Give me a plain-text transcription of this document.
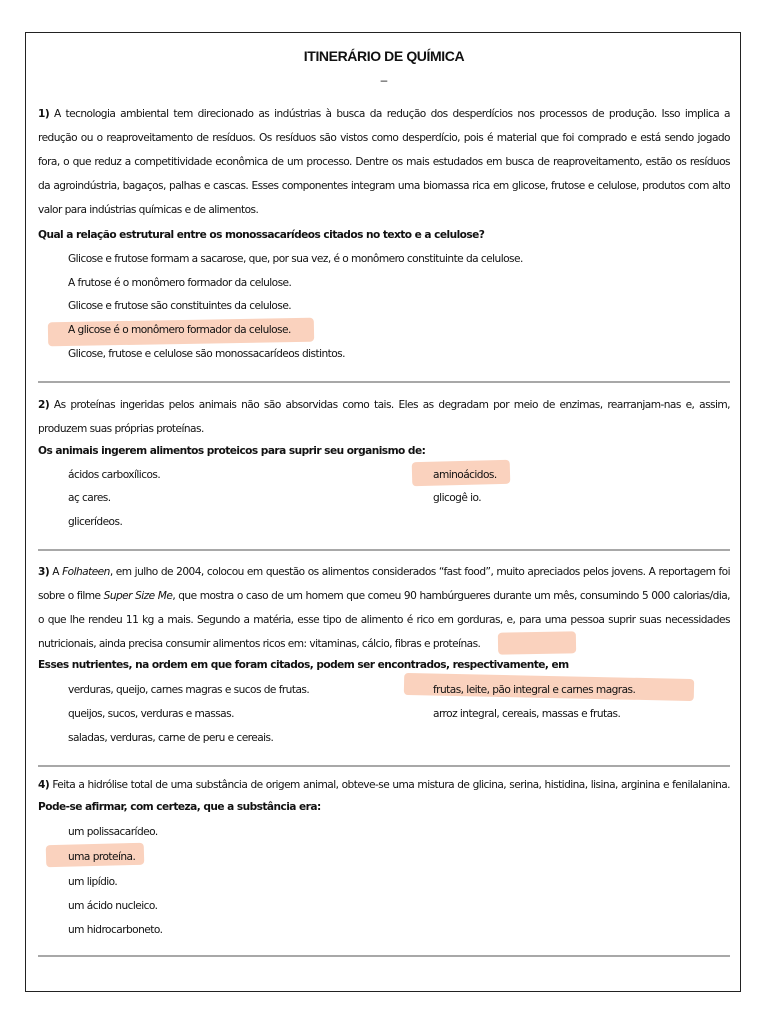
ITINERÁRIO DE QUÍMICA
–
1) A tecnologia ambiental tem direcionado as indústrias à busca da redução dos desperdícios nos processos de produção. Isso implica a redução ou o reaproveitamento de resíduos. Os resíduos são vistos como desperdício, pois é material que foi comprado e está sendo jogado fora, o que reduz a competitividade econômica de um processo. Dentre os mais estudados em busca de reaproveitamento, estão os resíduos da agroindústria, bagaços, palhas e cascas. Esses componentes integram uma biomassa rica em glicose, frutose e celulose, produtos com alto valor para indústrias químicas e de alimentos.
Qual a relação estrutural entre os monossacarídeos citados no texto e a celulose?
Glicose e frutose formam a sacarose, que, por sua vez, é o monômero constituinte da celulose.
A frutose é o monômero formador da celulose.
Glicose e frutose são constituintes da celulose.
A glicose é o monômero formador da celulose.
Glicose, frutose e celulose são monossacarídeos distintos.
2) As proteínas ingeridas pelos animais não são absorvidas como tais. Eles as degradam por meio de enzimas, rearranjam-nas e, assim, produzem suas próprias proteínas.
Os animais ingerem alimentos proteicos para suprir seu organismo de:
ácidos carboxílicos.	aminoácidos.
aç cares.	glicogê io.
glicerídeos.
3) A Folhateen, em julho de 2004, colocou em questão os alimentos considerados “fast food”, muito apreciados pelos jovens. A reportagem foi sobre o filme Super Size Me, que mostra o caso de um homem que comeu 90 hambúrgueres durante um mês, consumindo 5 000 calorias/dia, o que lhe rendeu 11 kg a mais. Segundo a matéria, esse tipo de alimento é rico em gorduras, e, para uma pessoa suprir suas necessidades nutricionais, ainda precisa consumir alimentos ricos em: vitaminas, cálcio, fibras e proteínas.
Esses nutrientes, na ordem em que foram citados, podem ser encontrados, respectivamente, em
verduras, queijo, carnes magras e sucos de frutas.	frutas, leite, pão integral e carnes magras.
queijos, sucos, verduras e massas.	arroz integral, cereais, massas e frutas.
saladas, verduras, carne de peru e cereais.
4) Feita a hidrólise total de uma substância de origem animal, obteve-se uma mistura de glicina, serina, histidina, lisina, arginina e fenilalanina. Pode-se afirmar, com certeza, que a substância era:
um polissacarídeo.
uma proteína.
um lipídio.
um ácido nucleico.
um hidrocarboneto.
